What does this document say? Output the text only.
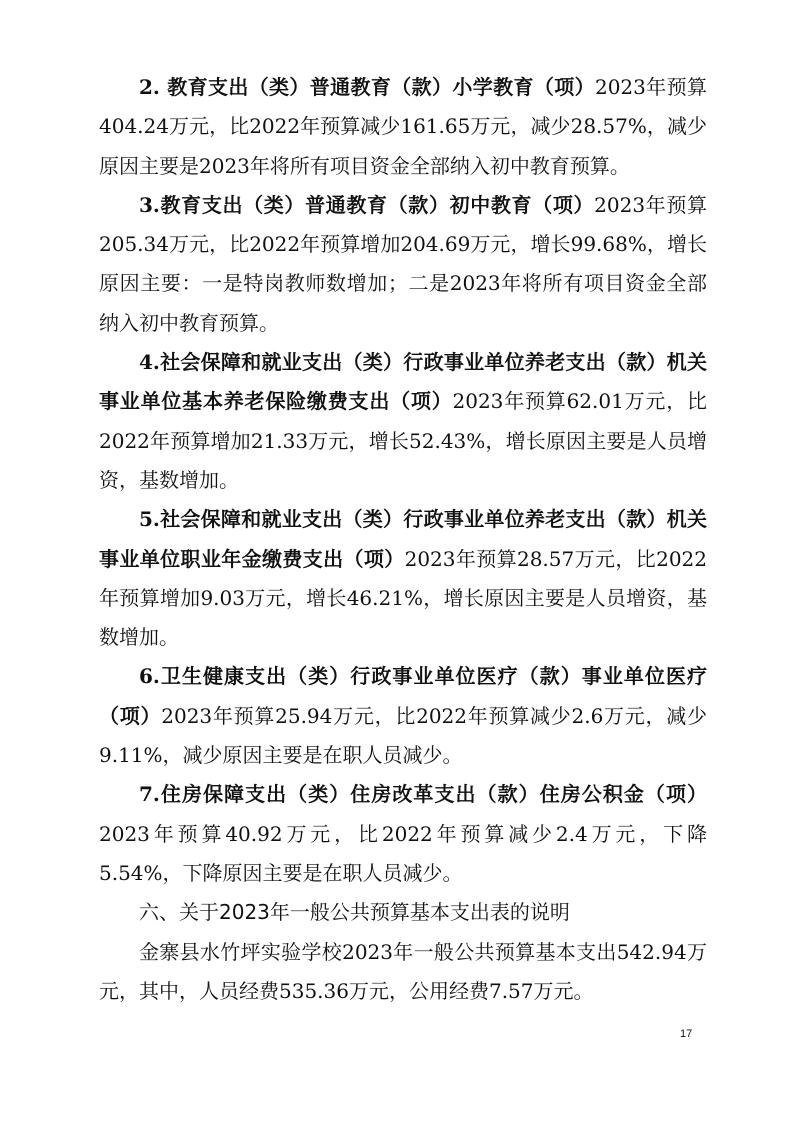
2. 教育支出（类）普通教育（款）小学教育（项）2023年预算404.24万元，比2022年预算减少161.65万元，减少28.57%，减少原因主要是2023年将所有项目资金全部纳入初中教育预算。

3.教育支出（类）普通教育（款）初中教育（项）2023年预算205.34万元，比2022年预算增加204.69万元，增长99.68%，增长原因主要：一是特岗教师数增加；二是2023年将所有项目资金全部纳入初中教育预算。

4.社会保障和就业支出（类）行政事业单位养老支出（款）机关事业单位基本养老保险缴费支出（项）2023年预算62.01万元，比2022年预算增加21.33万元，增长52.43%，增长原因主要是人员增资，基数增加。

5.社会保障和就业支出（类）行政事业单位养老支出（款）机关事业单位职业年金缴费支出（项）2023年预算28.57万元，比2022年预算增加9.03万元，增长46.21%，增长原因主要是人员增资，基数增加。

6.卫生健康支出（类）行政事业单位医疗（款）事业单位医疗（项）2023年预算25.94万元，比2022年预算减少2.6万元，减少9.11%，减少原因主要是在职人员减少。

7.住房保障支出（类）住房改革支出（款）住房公积金（项）2023年预算40.92万元，比2022年预算减少2.4万元，下降5.54%，下降原因主要是在职人员减少。

六、关于2023年一般公共预算基本支出表的说明

金寨县水竹坪实验学校2023年一般公共预算基本支出542.94万元，其中，人员经费535.36万元，公用经费7.57万元。

17
